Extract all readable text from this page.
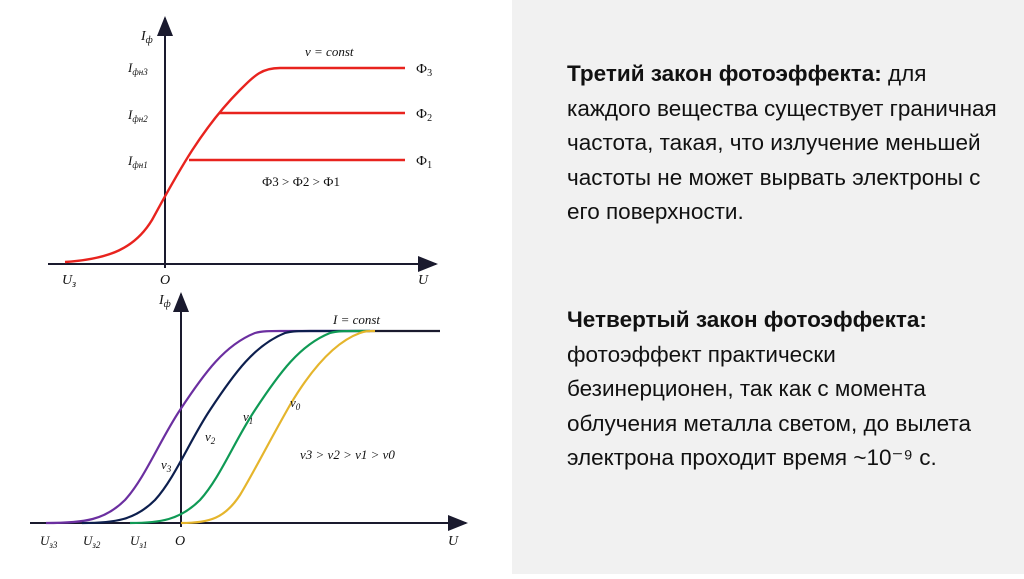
$I_ф$
O	U
$U_з$
ν = const
$I_{фн3}$
$I_{фн2}$
$I_{фн1}$
$Ф_3$
$Ф_2$
$Ф_1$
Ф3 > Ф2 > Ф1
$I_ф$
I = const
$\nu_3$
$\nu_2$
$\nu_1$
$\nu_0$
ν3 > ν2 > ν1 > ν0
$U_{з3}$ $U_{з2}$ $U_{з1}$ O	U
Третий закон фотоэффекта: для каждого вещества существует граничная частота, такая, что излучение меньшей частоты не может вырвать электроны с его поверхности.
Четвертый закон фотоэффекта: фотоэффект практически безинерционен, так как с момента облучения металла светом, до вылета электрона проходит время ~10⁻⁹ с.
